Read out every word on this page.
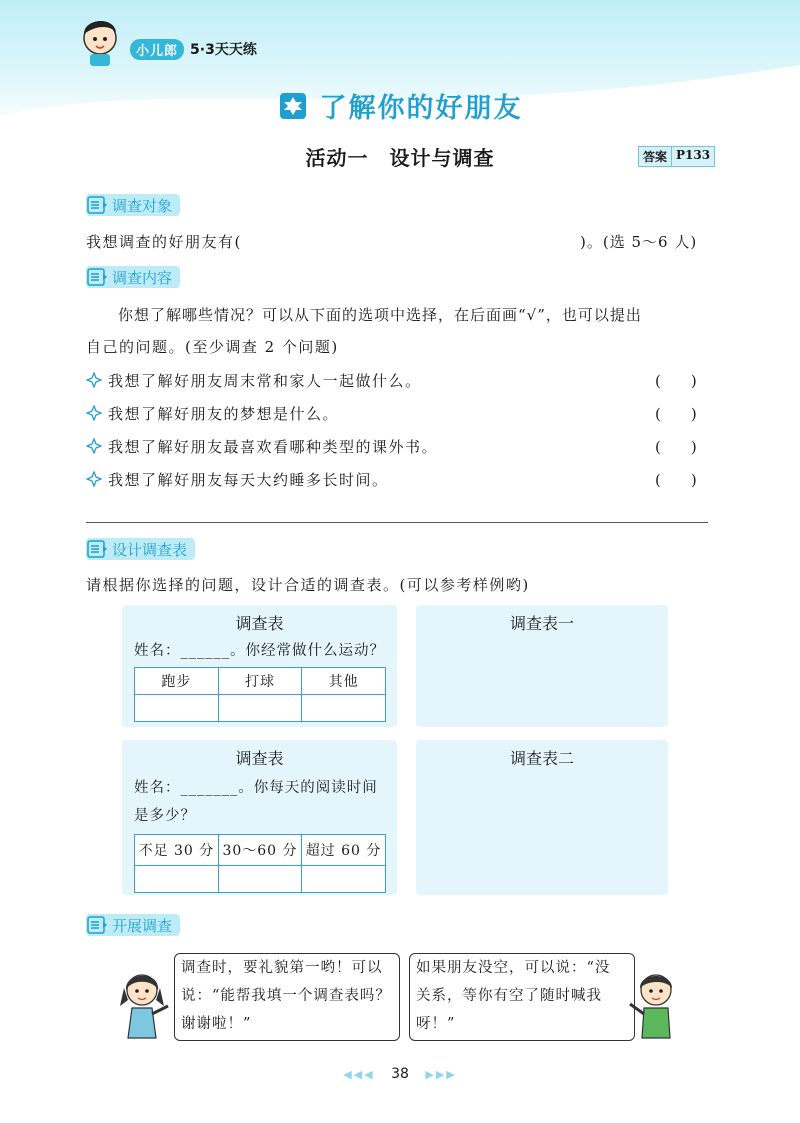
小儿郎 5·3天天练
了解你的好朋友
活动一　设计与调查	答案 P133
调查对象
我想调查的好朋友有(	)。(选 5～6 人)
调查内容
你想了解哪些情况？可以从下面的选项中选择，在后面画“√”，也可以提出
自己的问题。(至少调查 2 个问题)
我想了解好朋友周末常和家人一起做什么。	(　　)
我想了解好朋友的梦想是什么。	(　　)
我想了解好朋友最喜欢看哪种类型的课外书。	(　　)
我想了解好朋友每天大约睡多长时间。	(　　)
设计调查表
请根据你选择的问题，设计合适的调查表。(可以参考样例哟)
调查表
姓名：______。你经常做什么运动？
跑步	打球	其他

调查表一
调查表
姓名：_______。你每天的阅读时间
是多少？
不足 30 分	30～60 分	超过 60 分

调查表二
开展调查
调查时，要礼貌第一哟！可以
说：“能帮我填一个调查表吗？
谢谢啦！”
如果朋友没空，可以说：“没
关系，等你有空了随时喊我
呀！”
◀◀◀ 38 ▶▶▶
